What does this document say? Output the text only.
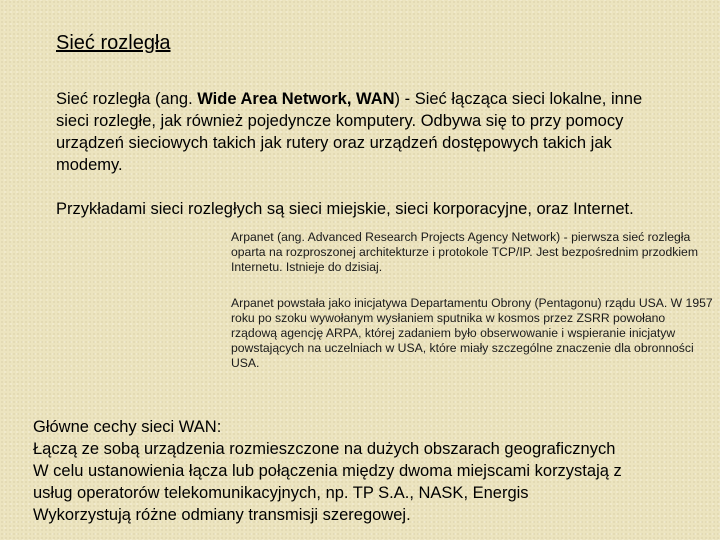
Sieć rozległa

Sieć rozległa (ang. Wide Area Network, WAN) - Sieć łącząca sieci lokalne, inne sieci rozległe, jak również pojedyncze komputery. Odbywa się to przy pomocy urządzeń sieciowych takich jak rutery oraz urządzeń dostępowych takich jak modemy.

Przykładami sieci rozległych są sieci miejskie, sieci korporacyjne, oraz Internet.

Arpanet (ang. Advanced Research Projects Agency Network) - pierwsza sieć rozległa oparta na rozproszonej architekturze i protokole TCP/IP. Jest bezpośrednim przodkiem Internetu. Istnieje do dzisiaj.

Arpanet powstała jako inicjatywa Departamentu Obrony (Pentagonu) rządu USA. W 1957 roku po szoku wywołanym wysłaniem sputnika w kosmos przez ZSRR powołano rządową agencję ARPA, której zadaniem było obserwowanie i wspieranie inicjatyw powstających na uczelniach w USA, które miały szczególne znaczenie dla obronności USA.

Główne cechy sieci WAN:
Łączą ze sobą urządzenia rozmieszczone na dużych obszarach geograficznych
W celu ustanowienia łącza lub połączenia między dwoma miejscami korzystają z
usług operatorów telekomunikacyjnych, np. TP S.A., NASK, Energis
Wykorzystują różne odmiany transmisji szeregowej.
